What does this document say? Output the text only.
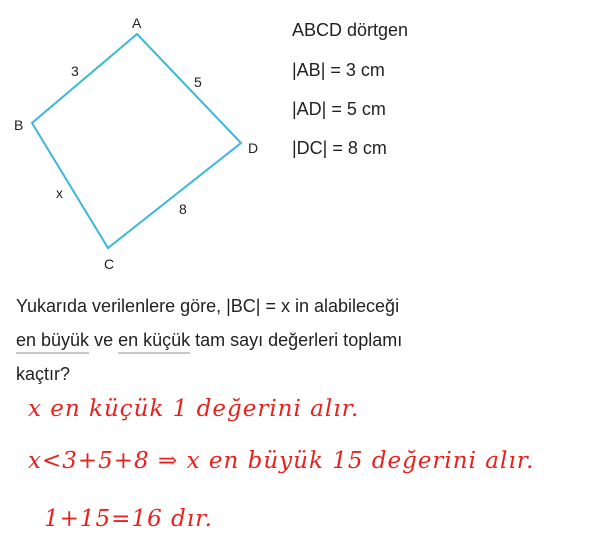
A
B
C
D
3
5
8
x
ABCD dörtgen
|AB| = 3 cm
|AD| = 5 cm
|DC| = 8 cm
Yukarıda verilenlere göre, |BC| = x in alabileceği
en büyük ve en küçük tam sayı değerleri toplamı
kaçtır?
x en küçük 1 değerini alır.
x<3+5+8 ⇒ x en büyük 15 değerini alır.
1+15=16 dır.
